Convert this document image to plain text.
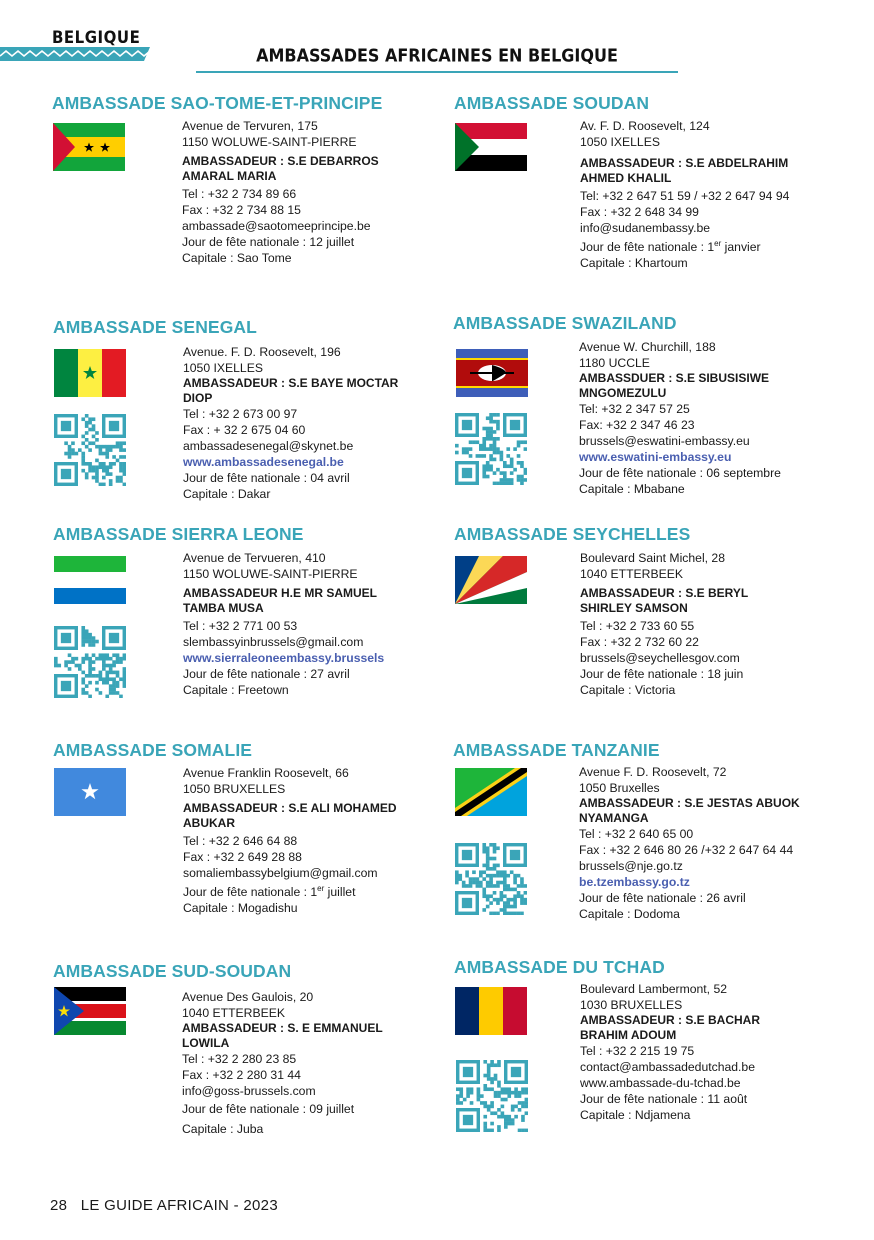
BELGIQUE
AMBASSADES AFRICAINES EN BELGIQUE
AMBASSADE SAO-TOME-ET-PRINCIPE
Avenue de Tervuren, 175
1150 WOLUWE-SAINT-PIERRE
AMBASSADEUR : S.E DEBARROS
AMARAL MARIA
Tel : +32 2 734 89 66
Fax : +32 2 734 88 15
ambassade@saotomeeprincipe.be
Jour de fête nationale : 12 juillet
Capitale : Sao Tome
AMBASSADE SOUDAN
Av. F. D. Roosevelt, 124
1050 IXELLES
AMBASSADEUR : S.E ABDELRAHIM
AHMED KHALIL
Tel: +32 2 647 51 59 / +32 2 647 94 94
Fax : +32 2 648 34 99
info@sudanembassy.be
Jour de fête nationale : 1er janvier
Capitale : Khartoum
AMBASSADE SENEGAL
Avenue. F. D. Roosevelt, 196
1050 IXELLES
AMBASSADEUR : S.E BAYE MOCTAR
DIOP
Tel : +32 2 673 00 97
Fax : + 32 2 675 04 60
ambassadesenegal@skynet.be
www.ambassadesenegal.be
Jour de fête nationale : 04 avril
Capitale : Dakar
AMBASSADE SWAZILAND
Avenue W. Churchill, 188
1180 UCCLE
AMBASSDUER : S.E SIBUSISIWE
MNGOMEZULU
Tel: +32 2 347 57 25
Fax: +32 2 347 46 23
brussels@eswatini-embassy.eu
www.eswatini-embassy.eu
Jour de fête nationale : 06 septembre
Capitale : Mbabane
AMBASSADE SIERRA LEONE
Avenue de Tervueren, 410
1150 WOLUWE-SAINT-PIERRE
AMBASSADEUR H.E MR SAMUEL
TAMBA MUSA
Tel : +32 2 771 00 53
slembassyinbrussels@gmail.com
www.sierraleoneembassy.brussels
Jour de fête nationale : 27 avril
Capitale : Freetown
AMBASSADE SEYCHELLES
Boulevard Saint Michel, 28
1040 ETTERBEEK
AMBASSADEUR : S.E BERYL
SHIRLEY SAMSON
Tel : +32 2 733 60 55
Fax : +32 2 732 60 22
brussels@seychellesgov.com
Jour de fête nationale : 18 juin
Capitale : Victoria
AMBASSADE SOMALIE
Avenue Franklin Roosevelt, 66
1050 BRUXELLES
AMBASSADEUR : S.E ALI MOHAMED
ABUKAR
Tel : +32 2 646 64 88
Fax : +32 2 649 28 88
somaliembassybelgium@gmail.com
Jour de fête nationale : 1er juillet
Capitale : Mogadishu
AMBASSADE TANZANIE
Avenue F. D. Roosevelt, 72
1050 Bruxelles
AMBASSADEUR : S.E JESTAS ABUOK
NYAMANGA
Tel : +32 2 640 65 00
Fax : +32 2 646 80 26 /+32 2 647 64 44
brussels@nje.go.tz
be.tzembassy.go.tz
Jour de fête nationale : 26 avril
Capitale : Dodoma
AMBASSADE SUD-SOUDAN
Avenue Des Gaulois, 20
1040 ETTERBEEK
AMBASSADEUR : S. E EMMANUEL
LOWILA
Tel : +32 2 280 23 85
Fax : +32 2 280 31 44
info@goss-brussels.com
Jour de fête nationale : 09 juillet
Capitale : Juba
AMBASSADE DU TCHAD
Boulevard Lambermont, 52
1030 BRUXELLES
AMBASSADEUR : S.E BACHAR
BRAHIM ADOUM
Tel : +32 2 215 19 75
contact@ambassadedutchad.be
www.ambassade-du-tchad.be
Jour de fête nationale : 11 août
Capitale : Ndjamena
28 LE GUIDE AFRICAIN - 2023
